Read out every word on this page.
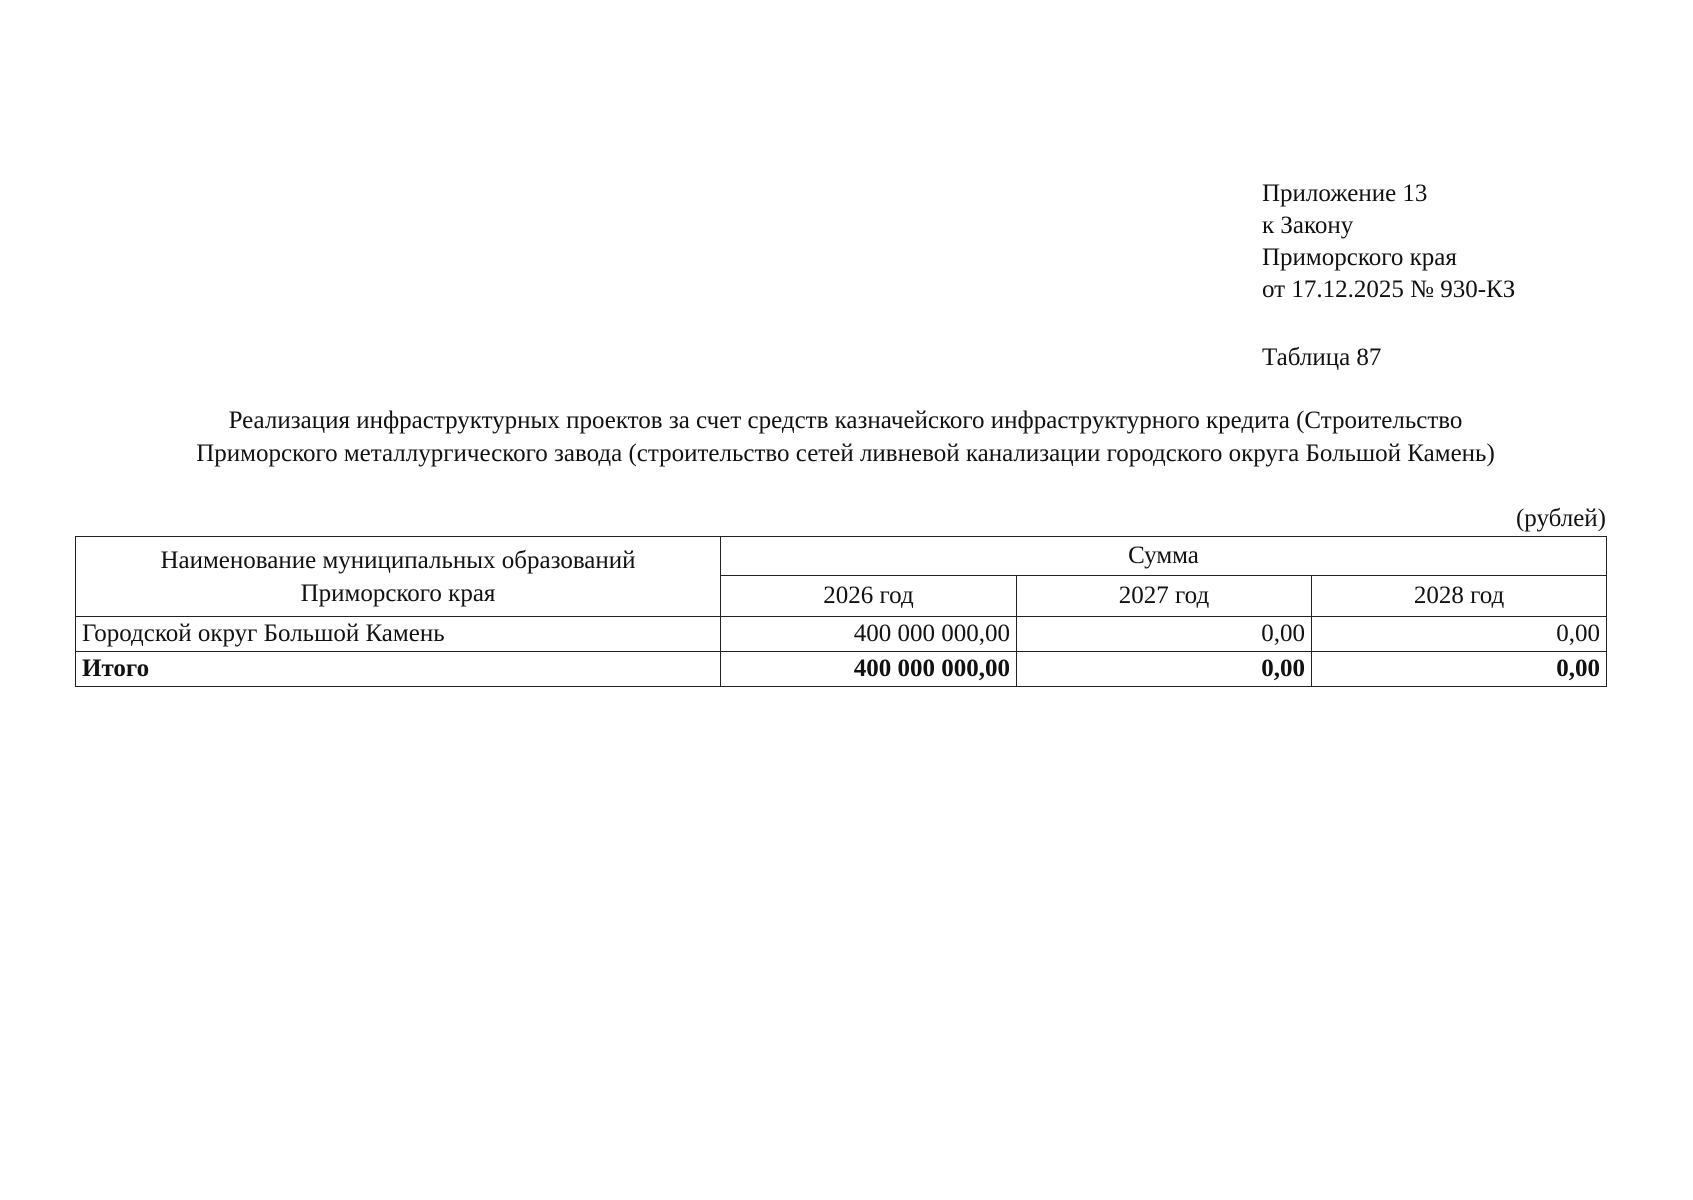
Приложение 13
к Закону
Приморского края
от 17.12.2025 № 930-КЗ
Таблица 87
Реализация инфраструктурных проектов за счет средств казначейского инфраструктурного кредита (Строительство
Приморского металлургического завода (строительство сетей ливневой канализации городского округа Большой Камень)
(рублей)
Наименование муниципальных образований
Приморского края	Сумма		
	2026 год	2027 год	2028 год
Городской округ Большой Камень	400 000 000,00	0,00	0,00
Итого	400 000 000,00	0,00	0,00
